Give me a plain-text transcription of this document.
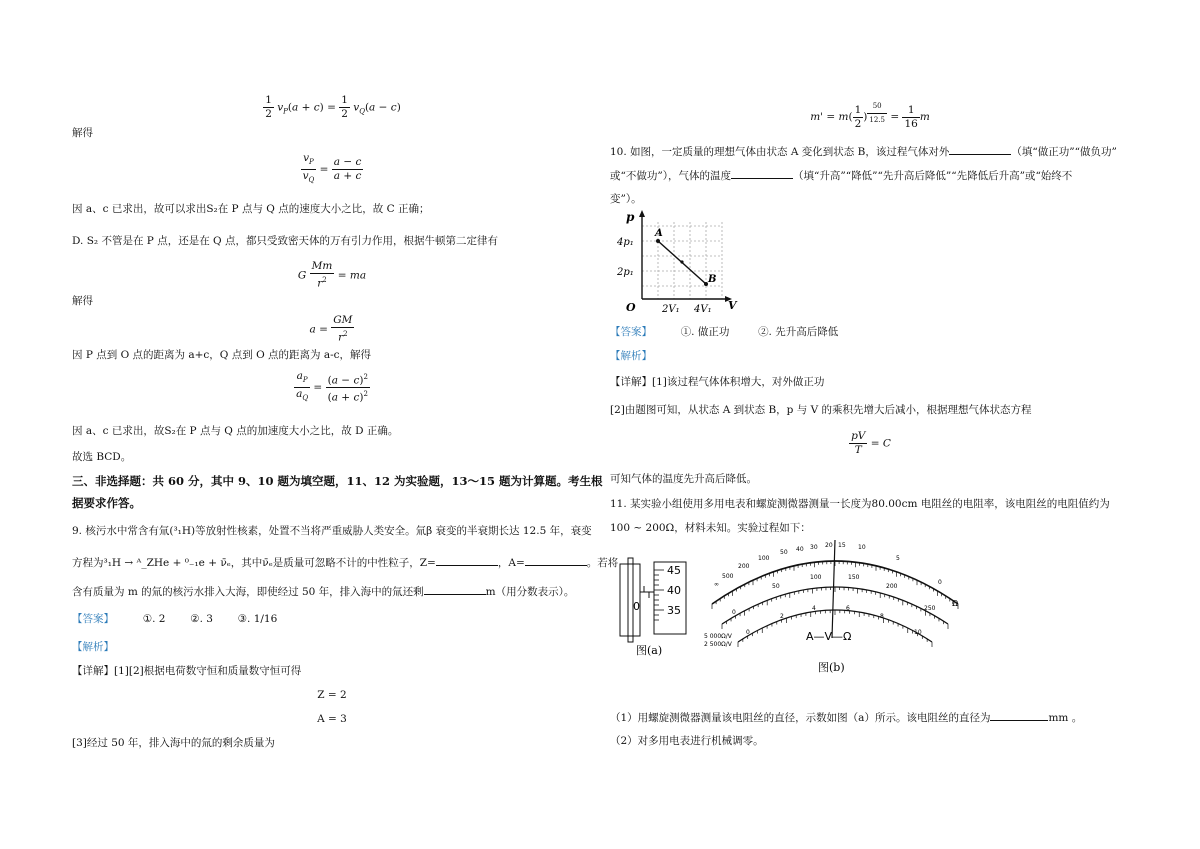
$\frac{1}{2} v_P(a + c) = \frac{1}{2} v_Q(a - c)$
解得
$\frac{v_P}{v_Q} = \frac{a - c}{a + c}$
因 a、c 已求出，故可以求出S₂在 P 点与 Q 点的速度大小之比，故 C 正确；
D. S₂ 不管是在 P 点，还是在 Q 点，都只受致密天体的万有引力作用，根据牛顿第二定律有
G $\frac{Mm}{r^2}$ = ma
解得
$a = \frac{GM}{r^2}$
因 P 点到 O 点的距离为 a+c，Q 点到 O 点的距离为 a-c，解得
$\frac{a_P}{a_Q} = \frac{(a - c)^2}{(a + c)^2}$
因 a、c 已求出，故S₂在 P 点与 Q 点的加速度大小之比，故 D 正确。
故选 BCD。
三、非选择题：共 60 分，其中 9、10 题为填空题，11、12 为实验题，13～15 题为计算题。考生根
据要求作答。
9. 核污水中常含有氚(³₁H)等放射性核素，处置不当将严重威胁人类安全。氚β 衰变的半衰期长达 12.5 年，衰变
方程为³₁H → ᴬ_ZHe + ⁰₋₁e + ν̄ₑ，其中ν̄ₑ是质量可忽略不计的中性粒子，Z=	，A=	。若将
含有质量为 m 的氚的核污水排入大海，即使经过 50 年，排入海中的氚还剩	m（用分数表示）。
【答案】	①. 2 ②. 3 ③. 1/16
【解析】
【详解】[1][2]根据电荷数守恒和质量数守恒可得
Z = 2
A = 3
[3]经过 50 年，排入海中的氚的剩余质量为
$m' = m( \frac{1}{2}$ ) $^{\frac{50}{12.5}} = \frac{1}{16}$ m
10. 如图，一定质量的理想气体由状态 A 变化到状态 B，该过程气体对外	（填“做正功”“做负功”
或“不做功”），气体的温度	（填“升高”“降低”“先升高后降低”“先降低后升高”或“始终不
变”）。
p
V
O
4p₁
2p₁
2V₁ 4V₁
A
B
【答案】	①. 做正功	②. 先升高后降低
【解析】
【详解】[1]该过程气体体积增大，对外做正功
[2]由题图可知，从状态 A 到状态 B，p 与 V 的乘积先增大后减小，根据理想气体状态方程
$\frac{pV}{T} = C$
可知气体的温度先升高后降低。
11. 某实验小组使用多用电表和螺旋测微器测量一长度为80.00cm 电阻丝的电阻率，该电阻丝的电阻值约为
100 ~ 200Ω，材料未知。实验过程如下：
45
40
35
0
图(a)
∞
500
200
100
50 40 30 20 15 10
5
0
0
50
100	150
200
250
0
2
4	6
8
10
Ω
5 000Ω/V
2 500Ω/V
A—V—Ω
图(b)
（1）用螺旋测微器测量该电阻丝的直径，示数如图（a）所示。该电阻丝的直径为	mm 。
（2）对多用电表进行机械调零。
